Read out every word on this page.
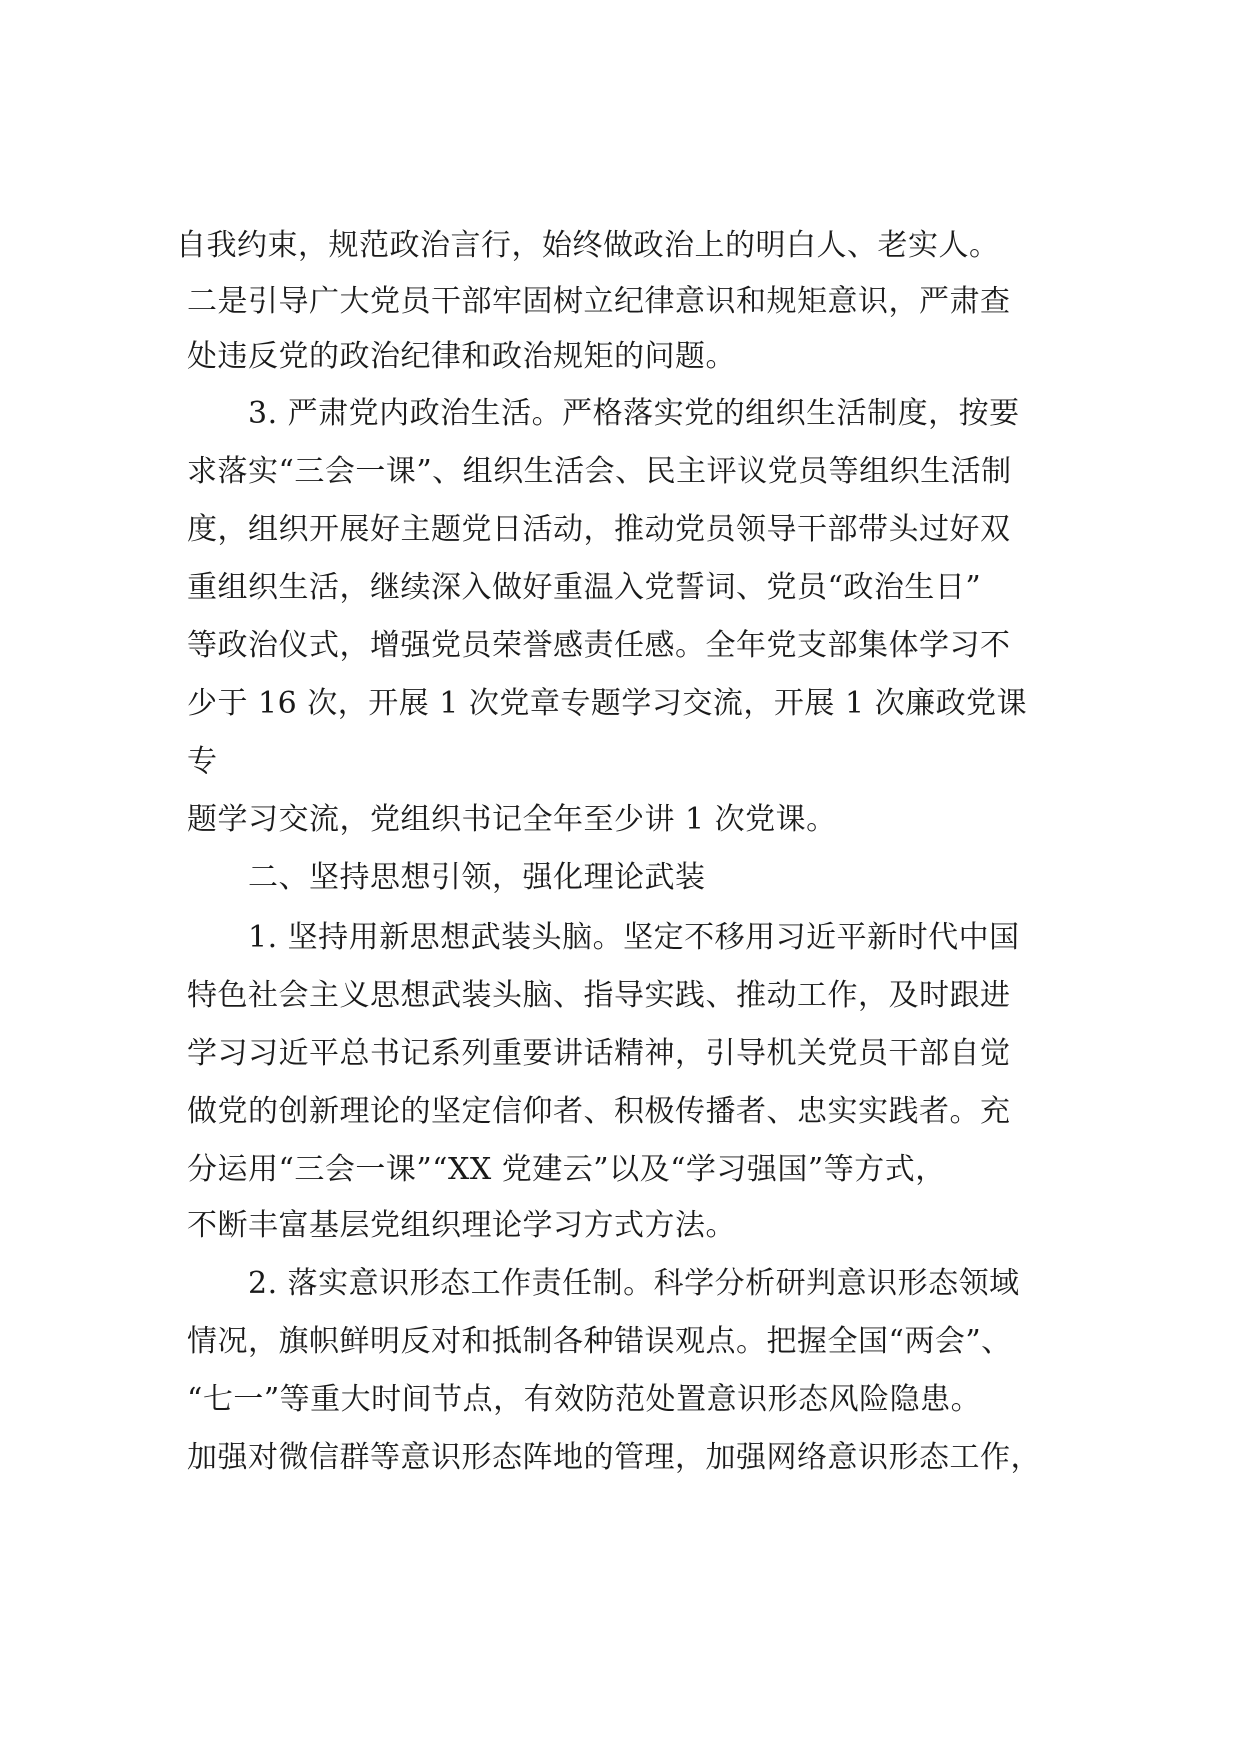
自我约束，规范政治言行，始终做政治上的明白人、老实人。
二是引导广大党员干部牢固树立纪律意识和规矩意识，严肃查
处违反党的政治纪律和政治规矩的问题。
3. 严肃党内政治生活。严格落实党的组织生活制度，按要
求落实“三会一课”、组织生活会、民主评议党员等组织生活制
度，组织开展好主题党日活动，推动党员领导干部带头过好双
重组织生活，继续深入做好重温入党誓词、党员“政治生日”
等政治仪式，增强党员荣誉感责任感。全年党支部集体学习不
少于 16 次，开展 1 次党章专题学习交流，开展 1 次廉政党课
专
题学习交流，党组织书记全年至少讲 1 次党课。
二、坚持思想引领，强化理论武装
1. 坚持用新思想武装头脑。坚定不移用习近平新时代中国
特色社会主义思想武装头脑、指导实践、推动工作，及时跟进
学习习近平总书记系列重要讲话精神，引导机关党员干部自觉
做党的创新理论的坚定信仰者、积极传播者、忠实实践者。充
分运用“三会一课”“XX 党建云”以及“学习强国”等方式，
不断丰富基层党组织理论学习方式方法。
2. 落实意识形态工作责任制。科学分析研判意识形态领域
情况，旗帜鲜明反对和抵制各种错误观点。把握全国“两会”、
“七一”等重大时间节点，有效防范处置意识形态风险隐患。
加强对微信群等意识形态阵地的管理，加强网络意识形态工作，
